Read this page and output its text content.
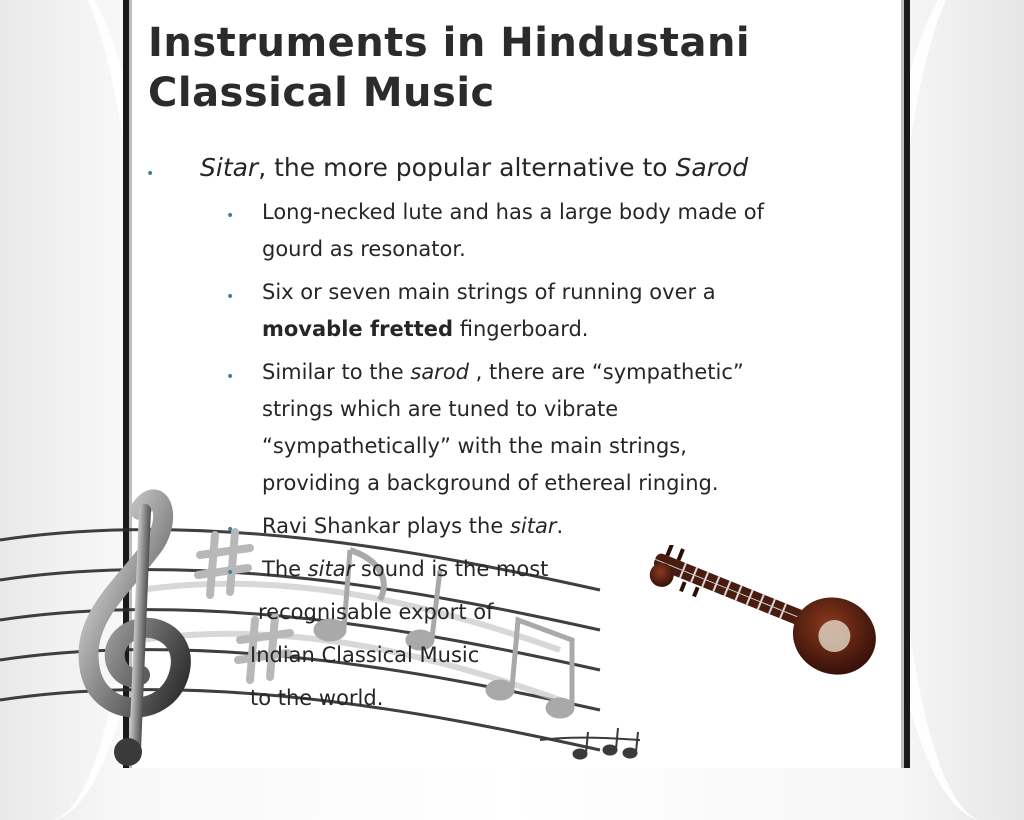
Instruments in Hindustani Classical Music
• Sitar, the more popular alternative to Sarod
• Long-necked lute and has a large body made of
gourd as resonator.
• Six or seven main strings of running over a
movable fretted fingerboard.
• Similar to the sarod , there are “sympathetic”
strings which are tuned to vibrate
“sympathetically” with the main strings,
providing a background of ethereal ringing.
• Ravi Shankar plays the sitar.
• The sitar sound is the most
recognisable export of
Indian Classical Music
to the world.
